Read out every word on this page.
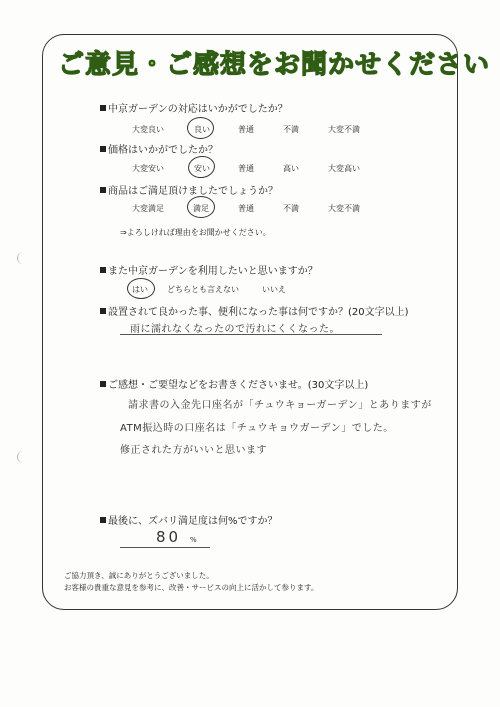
ご意見・ご感想をお聞かせください
中京ガーデンの対応はいかがでしたか？
大変良い	良い	普通	不満	大変不満
価格はいかがでしたか？
大変安い	安い	普通	高い	大変高い
商品はご満足頂けましたでしょうか？
大変満足	満足	普通	不満	大変不満
⇒よろしければ理由をお聞かせください。
また中京ガーデンを利用したいと思いますか？
はい どちらとも言えない	いいえ
設置されて良かった事、便利になった事は何ですか？(20文字以上)
雨に濡れなくなったので汚れにくくなった。
ご感想・ご要望などをお書きくださいませ。(30文字以上)
請求書の入金先口座名が「チュウキョーガーデン」とありますが
ATM振込時の口座名は「チュウキョウガーデン」でした。
修正された方がいいと思います
最後に、ズバリ満足度は何%ですか？
80 %
ご協力頂き、誠にありがとうございました。
お客様の貴重な意見を参考に、改善・サービスの向上に活かして参ります。
